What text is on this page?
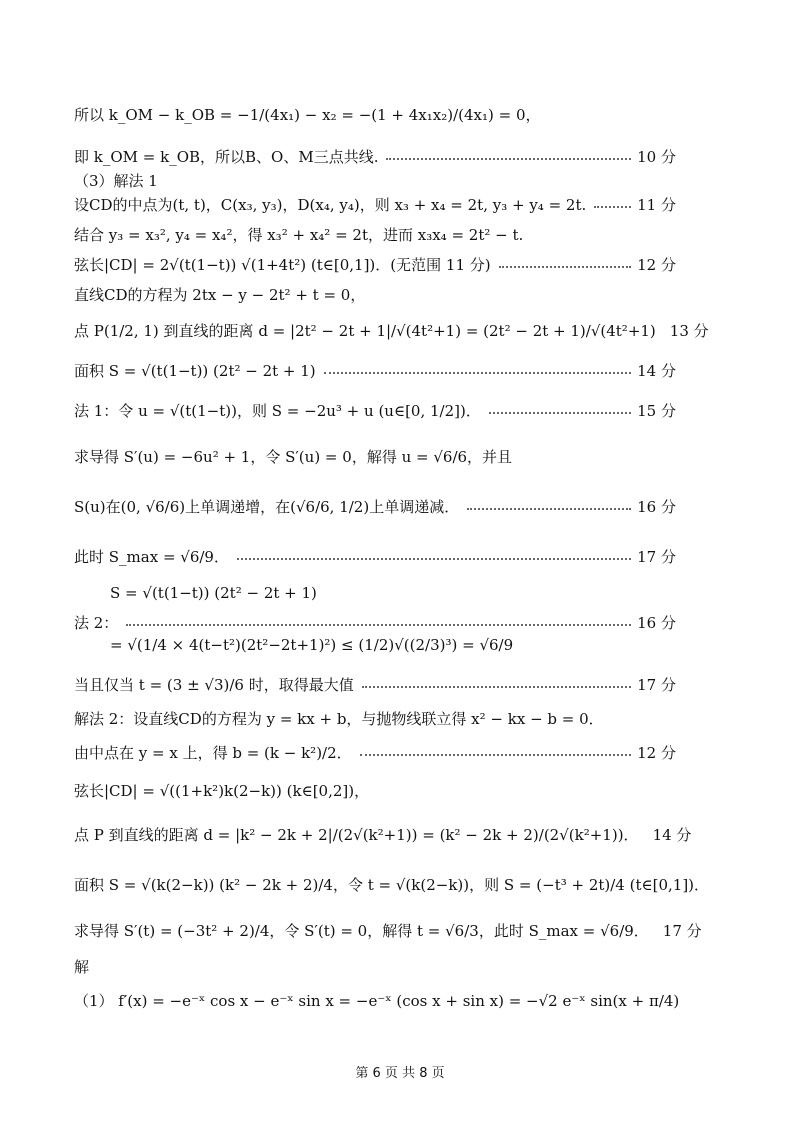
所以 k_OM − k_OB = −1/(4x₁) − x₂ = −(1 + 4x₁x₂)/(4x₁) = 0，
即 k_OM = k_OB，所以B、O、M三点共线.	10 分
（3）解法 1
设CD的中点为(t, t)，C(x₃, y₃)，D(x₄, y₄)，则 x₃ + x₄ = 2t, y₃ + y₄ = 2t.	11 分
结合 y₃ = x₃², y₄ = x₄²，得 x₃² + x₄² = 2t，进而 x₃x₄ = 2t² − t.
弦长|CD| = 2√(t(1−t)) √(1+4t²) (t∈[0,1])．(无范围 11 分)	12 分
直线CD的方程为 2tx − y − 2t² + t = 0，
点 P(1/2, 1) 到直线的距离 d = |2t² − 2t + 1|/√(4t²+1) = (2t² − 2t + 1)/√(4t²+1) 13 分
面积 S = √(t(1−t)) (2t² − 2t + 1)	14 分
法 1：令 u = √(t(1−t))，则 S = −2u³ + u (u∈[0, 1/2])．	15 分
求导得 S′(u) = −6u² + 1，令 S′(u) = 0，解得 u = √6/6，并且
S(u)在(0, √6/6)上单调递增，在(√6/6, 1/2)上单调递减．	16 分
此时 S_max = √6/9．	17 分
S = √(t(1−t)) (2t² − 2t + 1)
法 2：	16 分
= √(1/4 × 4(t−t²)(2t²−2t+1)²) ≤ (1/2)√((2/3)³) = √6/9
当且仅当 t = (3 ± √3)/6 时，取得最大值	17 分
解法 2：设直线CD的方程为 y = kx + b，与抛物线联立得 x² − kx − b = 0．
由中点在 y = x 上，得 b = (k − k²)/2．	12 分
弦长|CD| = √((1+k²)k(2−k)) (k∈[0,2])，
点 P 到直线的距离 d = |k² − 2k + 2|/(2√(k²+1)) = (k² − 2k + 2)/(2√(k²+1))． 14 分
面积 S = √(k(2−k)) (k² − 2k + 2)/4，令 t = √(k(2−k))，则 S = (−t³ + 2t)/4 (t∈[0,1])．
求导得 S′(t) = (−3t² + 2)/4，令 S′(t) = 0，解得 t = √6/3，此时 S_max = √6/9． 17 分
解
（1） f′(x) = −e⁻ˣ cos x − e⁻ˣ sin x = −e⁻ˣ (cos x + sin x) = −√2 e⁻ˣ sin(x + π/4)
第 6 页 共 8 页
